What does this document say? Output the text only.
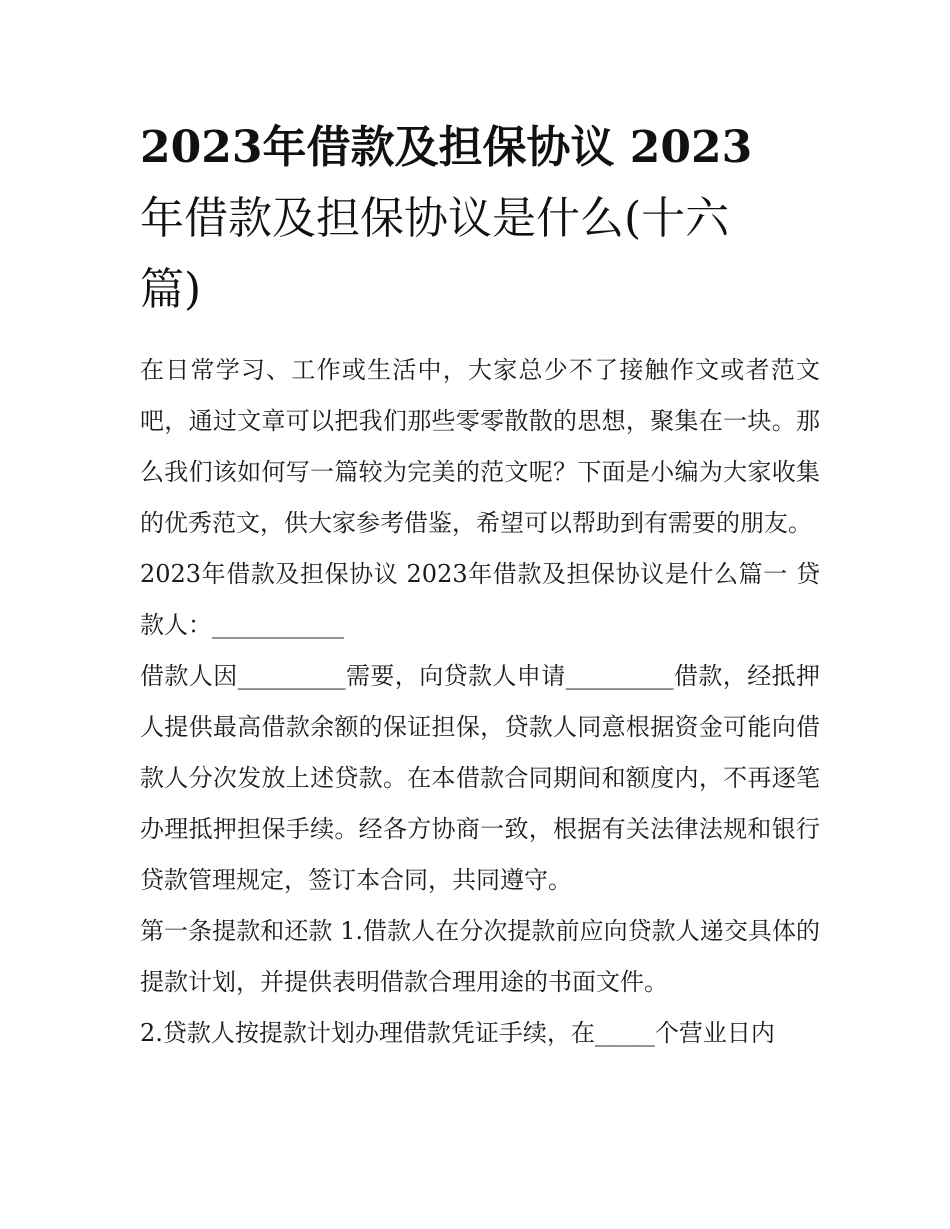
2023年借款及担保协议 2023
年借款及担保协议是什么(十六
篇)

在日常学习、工作或生活中，大家总少不了接触作文或者范文吧，通过文章可以把我们那些零零散散的思想，聚集在一块。那么我们该如何写一篇较为完美的范文呢？下面是小编为大家收集的优秀范文，供大家参考借鉴，希望可以帮助到有需要的朋友。

2023年借款及担保协议 2023年借款及担保协议是什么篇一 贷款人：___________

借款人因_________需要，向贷款人申请_________借款，经抵押人提供最高借款余额的保证担保，贷款人同意根据资金可能向借款人分次发放上述贷款。在本借款合同期间和额度内，不再逐笔办理抵押担保手续。经各方协商一致，根据有关法律法规和银行贷款管理规定，签订本合同，共同遵守。

第一条提款和还款 1.借款人在分次提款前应向贷款人递交具体的提款计划，并提供表明借款合理用途的书面文件。

2.贷款人按提款计划办理借款凭证手续，在_____个营业日内
